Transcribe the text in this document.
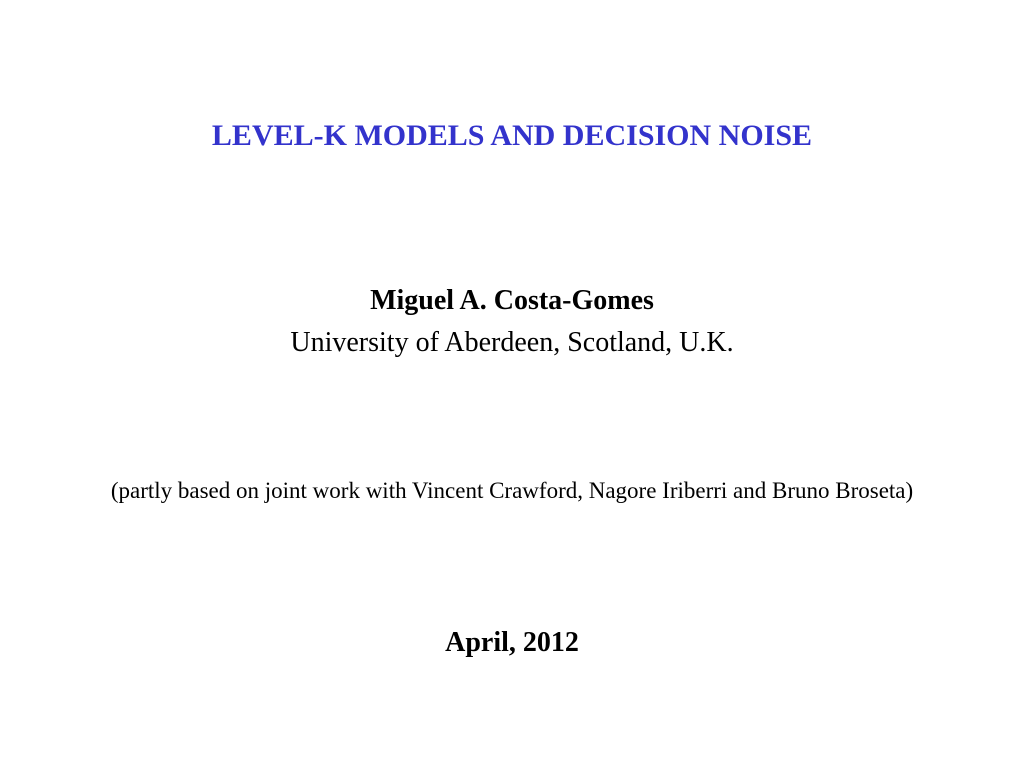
LEVEL-K MODELS AND DECISION NOISE
Miguel A. Costa-Gomes
University of Aberdeen, Scotland, U.K.
(partly based on joint work with Vincent Crawford, Nagore Iriberri and Bruno Broseta)
April, 2012
